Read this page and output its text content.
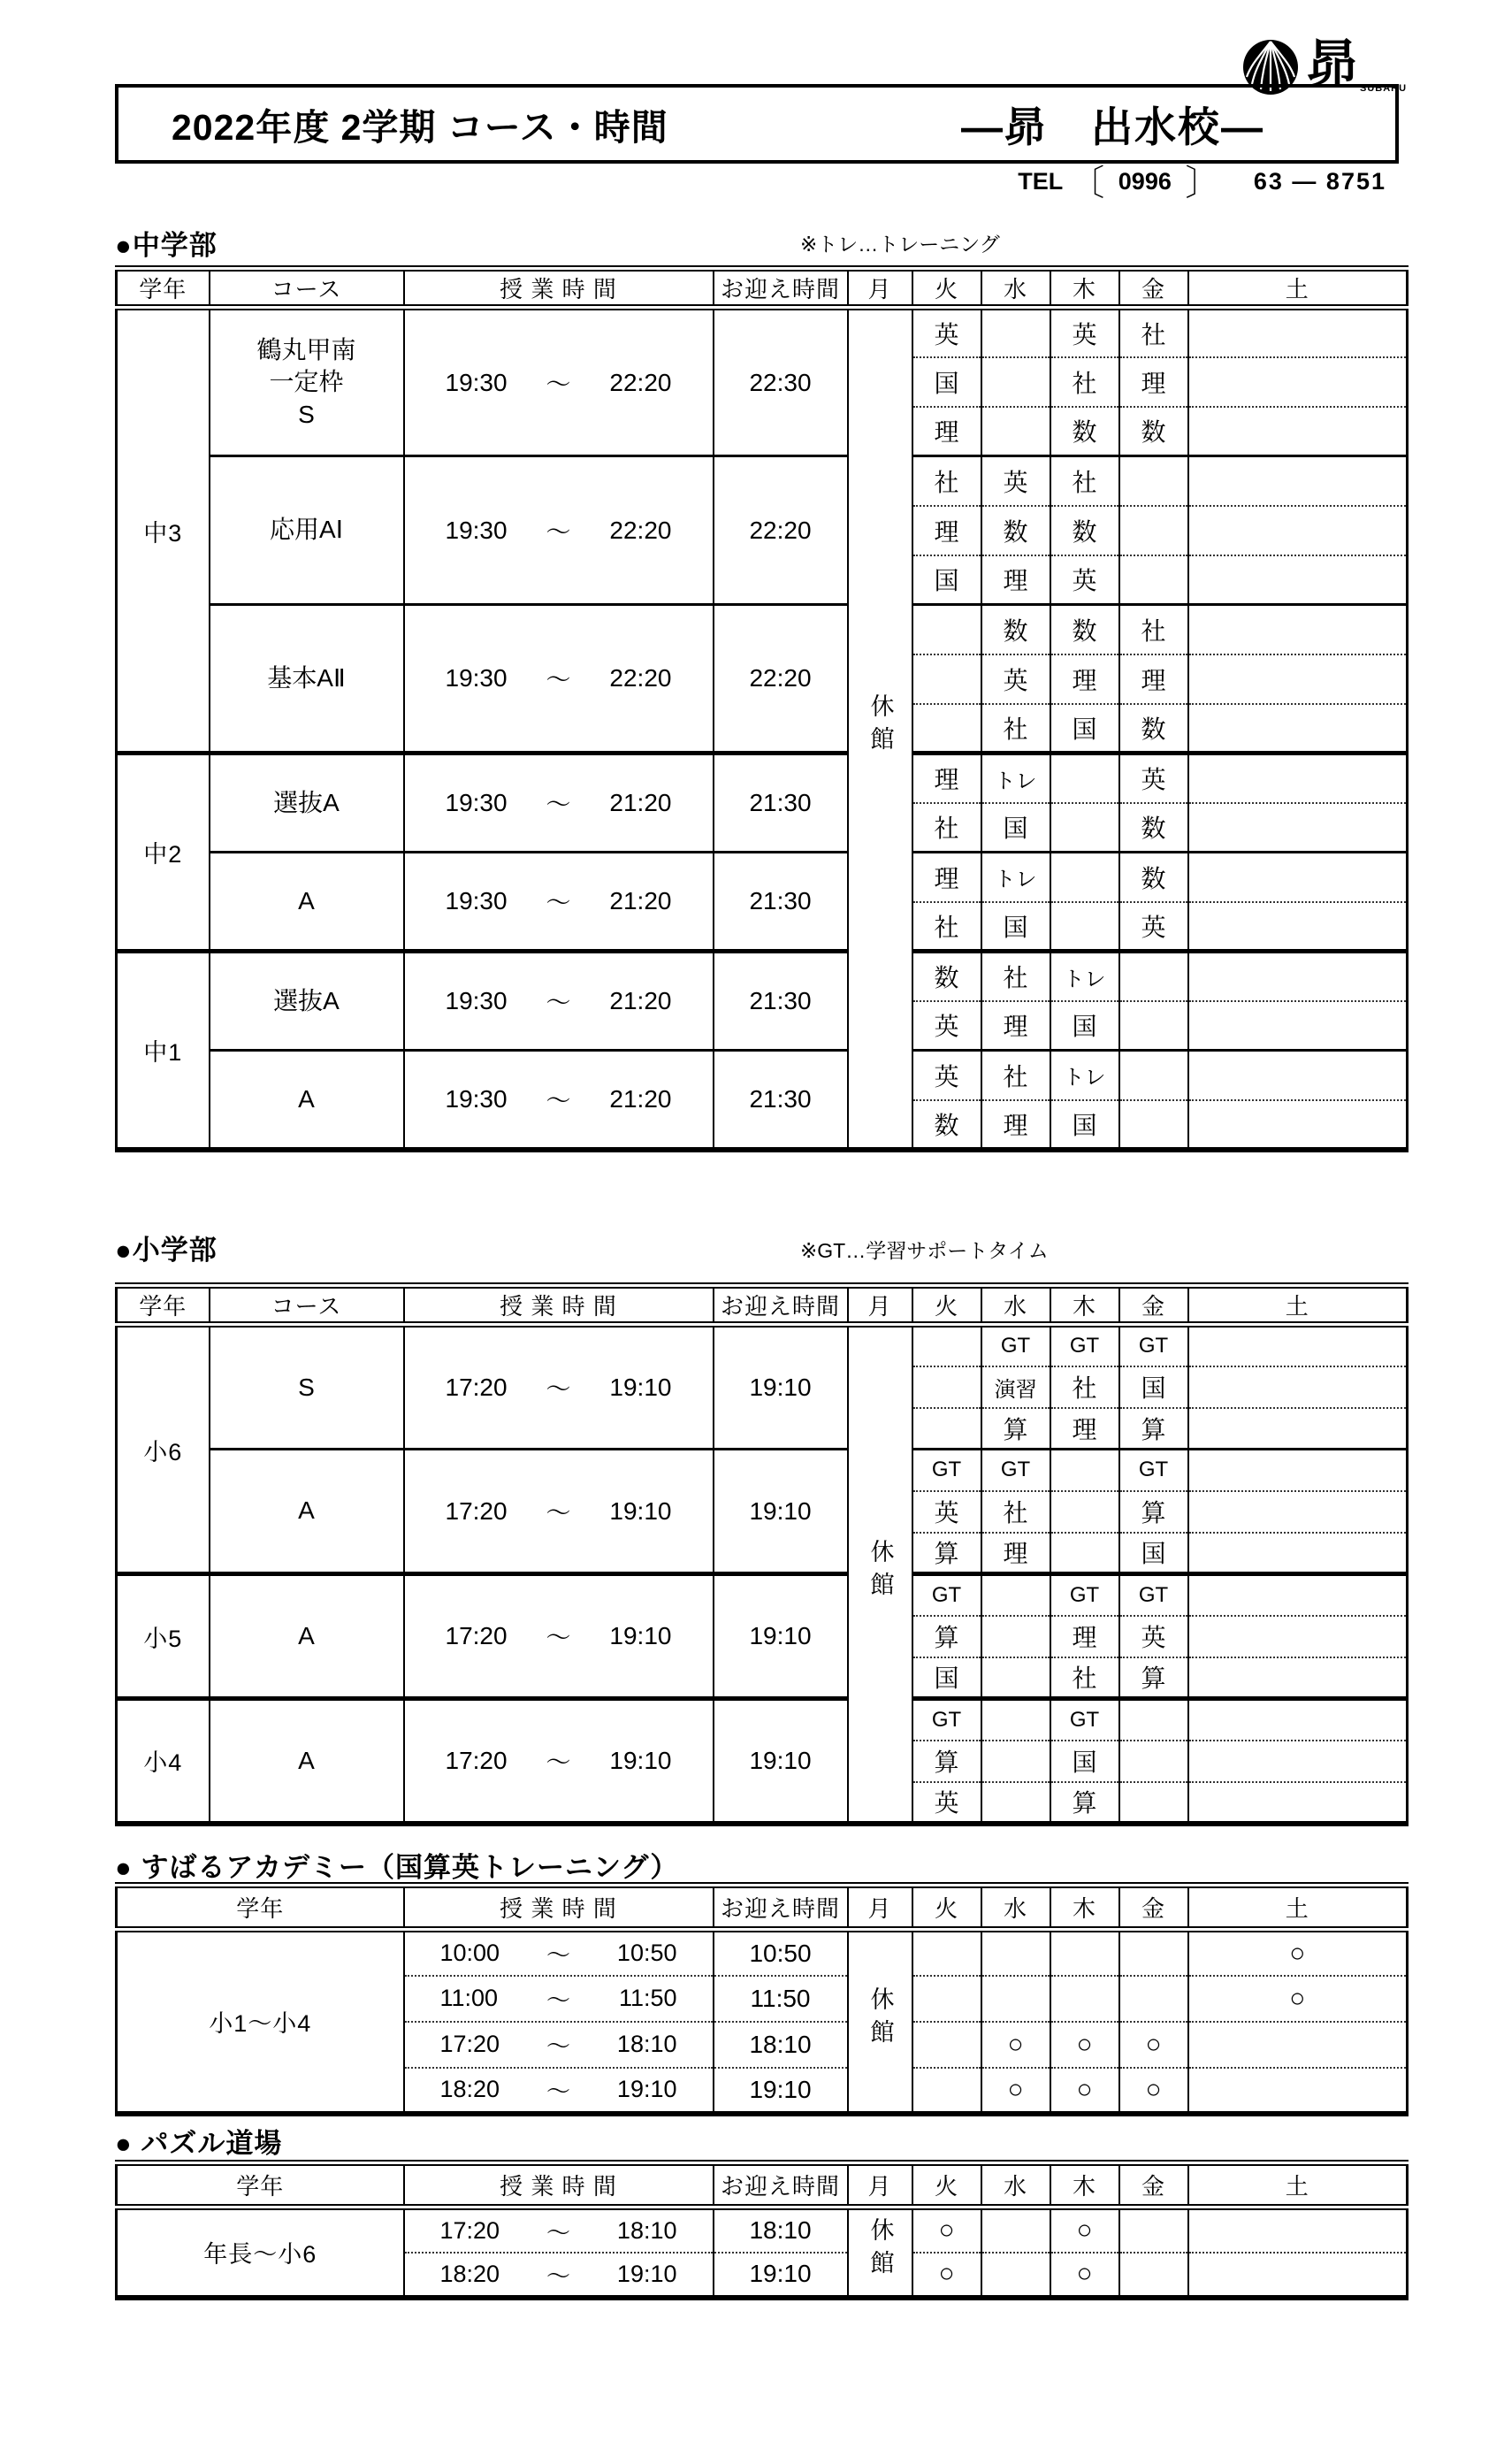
昴 SUBARU
2022年度 2学期 コース・時間	―昴　出水校―
TEL 〔 0996 〕 63 ― 8751
●中学部	※トレ…トレーニング
学年	コース	授 業 時 間	お迎え時間	月	火	水	木	金	土
中3	鶴丸甲南
一定枠
S	19:30 ～ 22:20	22:30	休館	英		英	社	
					国		社	理	
					理		数	数	
	応用AⅠ	19:30 ～ 22:20	22:20		社	英	社		
					理	数	数		
					国	理	英		
	基本AⅡ	19:30 ～ 22:20	22:20			数	数	社	
						英	理	理	
						社	国	数	
中2	選抜A	19:30 ～ 21:20	21:30		理	トレ		英	
					社	国		数	
	A	19:30 ～ 21:20	21:30		理	トレ		数	
					社	国		英	
中1	選抜A	19:30 ～ 21:20	21:30		数	社	トレ		
					英	理	国		
	A	19:30 ～ 21:20	21:30		英	社	トレ		
					数	理	国		
●小学部	※GT…学習サポートタイム
学年	コース	授 業 時 間	お迎え時間	月	火	水	木	金	土
小6	S	17:20 ～ 19:10	19:10	休館		GT	GT	GT	
						演習	社	国	
						算	理	算	
	A	17:20 ～ 19:10	19:10		GT	GT		GT	
					英	社		算	
					算	理		国	
小5	A	17:20 ～ 19:10	19:10		GT		GT	GT	
					算		理	英	
					国		社	算	
小4	A	17:20 ～ 19:10	19:10		GT		GT		
					算		国		
					英		算		
● すばるアカデミー（国算英トレーニング）
学年	授 業 時 間	お迎え時間	月	火	水	木	金	土
小1～小4	10:00 ～ 10:50	10:50	休館					○

	11:00 ～ 11:50	11:50						○

	17:20 ～ 18:10	18:10			○	○	○	

	18:20 ～ 19:10	19:10			○	○	○	
● パズル道場
学年	授 業 時 間	お迎え時間	月	火	水	木	金	土
年長～小6	17:20 ～ 18:10	18:10	休館	○		○		

	18:20 ～ 19:10	19:10		○		○		
